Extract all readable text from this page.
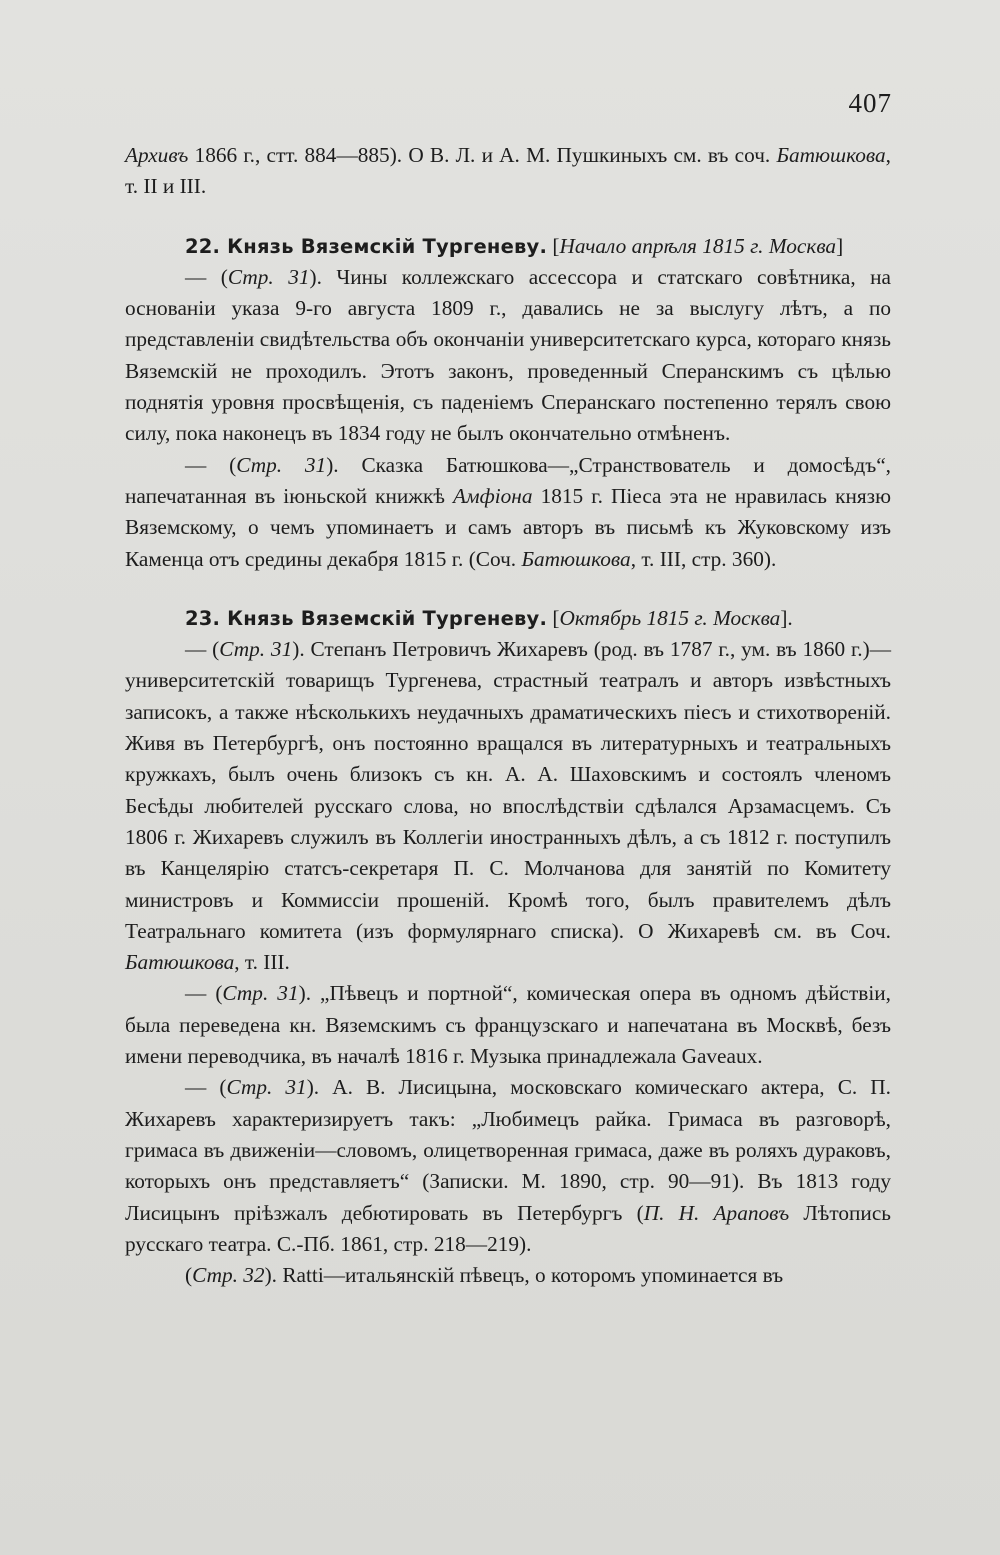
407

Архивъ 1866 г., стт. 884—885). О В. Л. и А. М. Пушкиныхъ см. въ соч. Батюшкова, т. II и III.

22. Князь Вяземскій Тургеневу. [Начало апрѣля 1815 г. Москва]

— (Стр. 31). Чины коллежскаго ассессора и статскаго совѣтника, на основаніи указа 9-го августа 1809 г., давались не за выслугу лѣтъ, а по представленіи свидѣтельства объ окончаніи университетскаго курса, котораго князь Вяземскій не проходилъ. Этотъ законъ, проведенный Сперанскимъ съ цѣлью поднятія уровня просвѣщенія, съ паденіемъ Сперанскаго постепенно терялъ свою силу, пока наконецъ въ 1834 году не былъ окончательно отмѣненъ.

— (Стр. 31). Сказка Батюшкова—„Странствователь и домосѣдъ“, напечатанная въ іюньской книжкѣ Амфіона 1815 г. Піеса эта не нравилась князю Вяземскому, о чемъ упоминаетъ и самъ авторъ въ письмѣ къ Жуковскому изъ Каменца отъ средины декабря 1815 г. (Соч. Батюшкова, т. III, стр. 360).

23. Князь Вяземскій Тургеневу. [Октябрь 1815 г. Москва].

— (Стр. 31). Степанъ Петровичъ Жихаревъ (род. въ 1787 г., ум. въ 1860 г.)—университетскій товарищъ Тургенева, страстный театралъ и авторъ извѣстныхъ записокъ, а также нѣсколькихъ неудачныхъ драматическихъ піесъ и стихотвореній. Живя въ Петербургѣ, онъ постоянно вращался въ литературныхъ и театральныхъ кружкахъ, былъ очень близокъ съ кн. А. А. Шаховскимъ и состоялъ членомъ Бесѣды любителей русскаго слова, но впослѣдствіи сдѣлался Арзамасцемъ. Съ 1806 г. Жихаревъ служилъ въ Коллегіи иностранныхъ дѣлъ, а съ 1812 г. поступилъ въ Канцелярію статсъ-секретаря П. С. Молчанова для занятій по Комитету министровъ и Коммиссіи прошеній. Кромѣ того, былъ правителемъ дѣлъ Театральнаго комитета (изъ формулярнаго списка). О Жихаревѣ см. въ Соч. Батюшкова, т. III.

— (Стр. 31). „Пѣвецъ и портной“, комическая опера въ одномъ дѣйствіи, была переведена кн. Вяземскимъ съ французскаго и напечатана въ Москвѣ, безъ имени переводчика, въ началѣ 1816 г. Музыка принадлежала Gaveaux.

— (Стр. 31). А. В. Лисицына, московскаго комическаго актера, С. П. Жихаревъ характеризируетъ такъ: „Любимецъ райка. Гримаса въ разговорѣ, гримаса въ движеніи—словомъ, олицетворенная гримаса, даже въ роляхъ дураковъ, которыхъ онъ представляетъ“ (Записки. М. 1890, стр. 90—91). Въ 1813 году Лисицынъ пріѣзжалъ дебютировать въ Петербургъ (П. Н. Араповъ Лѣтопись русскаго театра. С.-Пб. 1861, стр. 218—219).

(Стр. 32). Ratti—итальянскій пѣвецъ, о которомъ упоминается въ
